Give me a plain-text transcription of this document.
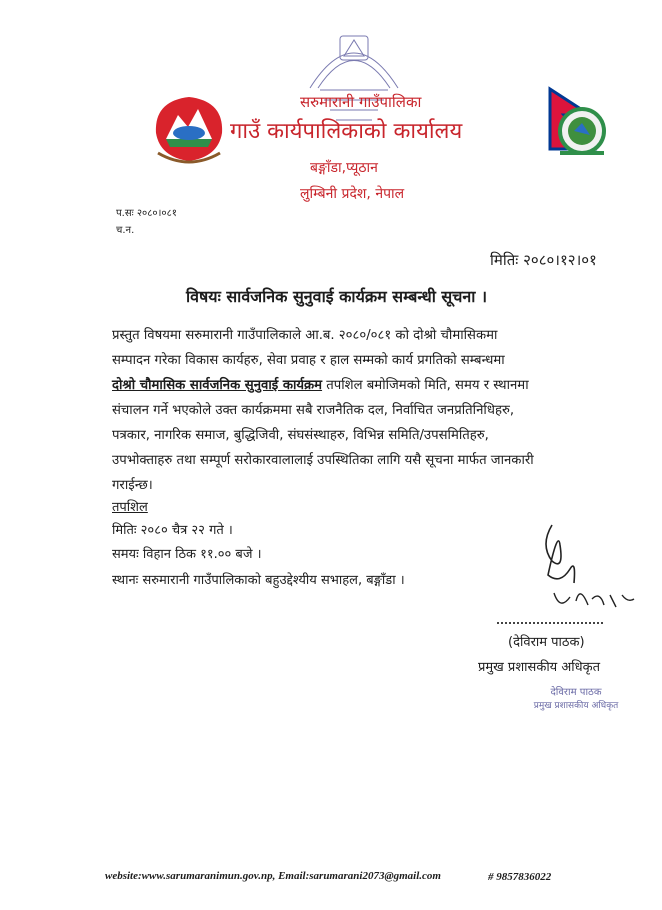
सरुमारानी गाउँपालिका
गाउँ कार्यपालिकाको कार्यालय
बङ्गाँडा,प्यूठान
लुम्बिनी प्रदेश, नेपाल
प.सः २०८०।०८१
च.न.
मितिः २०८०।१२।०१
विषयः सार्वजनिक सुनुवाई कार्यक्रम सम्बन्धी सूचना ।
प्रस्तुत विषयमा सरुमारानी गाउँपालिकाले आ.ब. २०८०/०८१ को दोश्रो चौमासिकमा
सम्पादन गरेका विकास कार्यहरु, सेवा प्रवाह र हाल सम्मको कार्य प्रगतिको सम्बन्धमा
दोश्रो चौमासिक सार्वजनिक सुनुवाई कार्यक्रम तपशिल बमोजिमको मिति, समय र स्थानमा
संचालन गर्ने भएकोले उक्त कार्यक्रममा सबै राजनैतिक दल, निर्वाचित जनप्रतिनिधिहरु,
पत्रकार, नागरिक समाज, बुद्धिजिवी, संघसंस्थाहरु, विभिन्न समिति/उपसमितिहरु,
उपभोक्ताहरु तथा सम्पूर्ण सरोकारवालालाई उपस्थितिका लागि यसै सूचना मार्फत जानकारी
गराईन्छ।
तपशिल
मितिः २०८० चैत्र २२ गते ।
समयः विहान ठिक ११.०० बजे ।
स्थानः सरुमारानी गाउँपालिकाको बहुउद्देश्यीय सभाहल, बङ्गाँडा ।
(देविराम पाठक)
प्रमुख प्रशासकीय अधिकृत
देविराम पाठक
प्रमुख प्रशासकीय अधिकृत
website:www.sarumaranimun.gov.np, Email:sarumarani2073@gmail.com	# 9857836022
